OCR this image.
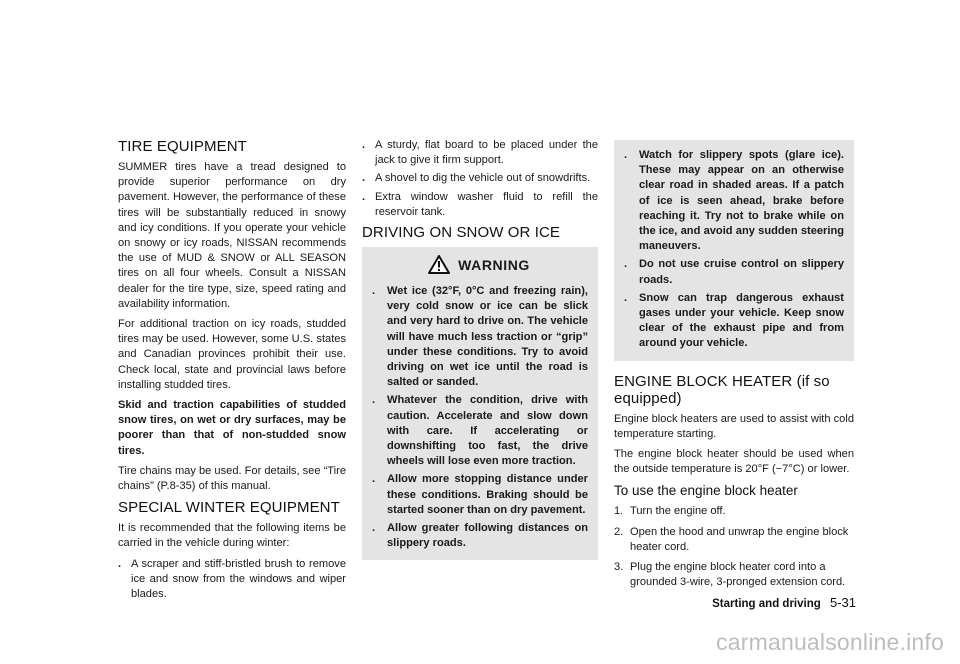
TIRE EQUIPMENT

SUMMER tires have a tread designed to provide superior performance on dry pavement. However, the performance of these tires will be substantially reduced in snowy and icy conditions. If you operate your vehicle on snowy or icy roads, NISSAN recommends the use of MUD & SNOW or ALL SEASON tires on all four wheels. Consult a NISSAN dealer for the tire type, size, speed rating and availability information.

For additional traction on icy roads, studded tires may be used. However, some U.S. states and Canadian provinces prohibit their use. Check local, state and provincial laws before installing studded tires.

Skid and traction capabilities of studded snow tires, on wet or dry surfaces, may be poorer than that of non-studded snow tires.

Tire chains may be used. For details, see “Tire chains” (P.8-35) of this manual.

SPECIAL WINTER EQUIPMENT

It is recommended that the following items be carried in the vehicle during winter:

. A scraper and stiff-bristled brush to remove ice and snow from the windows and wiper blades.
. A sturdy, flat board to be placed under the jack to give it firm support.
. A shovel to dig the vehicle out of snowdrifts.
. Extra window washer fluid to refill the reservoir tank.
DRIVING ON SNOW OR ICE
WARNING
. Wet ice (32°F, 0°C and freezing rain), very cold snow or ice can be slick and very hard to drive on. The vehicle will have much less traction or “grip” under these conditions. Try to avoid driving on wet ice until the road is salted or sanded.
. Whatever the condition, drive with caution. Accelerate and slow down with care. If accelerating or downshifting too fast, the drive wheels will lose even more traction.
. Allow more stopping distance under these conditions. Braking should be started sooner than on dry pavement.
. Allow greater following distances on slippery roads.
. Watch for slippery spots (glare ice). These may appear on an otherwise clear road in shaded areas. If a patch of ice is seen ahead, brake before reaching it. Try not to brake while on the ice, and avoid any sudden steering maneuvers.
. Do not use cruise control on slippery roads.
. Snow can trap dangerous exhaust gases under your vehicle. Keep snow clear of the exhaust pipe and from around your vehicle.
ENGINE BLOCK HEATER (if so equipped)

Engine block heaters are used to assist with cold temperature starting.

The engine block heater should be used when the outside temperature is 20°F (−7°C) or lower.

To use the engine block heater
1. Turn the engine off.
2. Open the hood and unwrap the engine block heater cord.
3. Plug the engine block heater cord into a grounded 3-wire, 3-pronged extension cord.
Starting and driving 5-31
carmanualsonline.info
